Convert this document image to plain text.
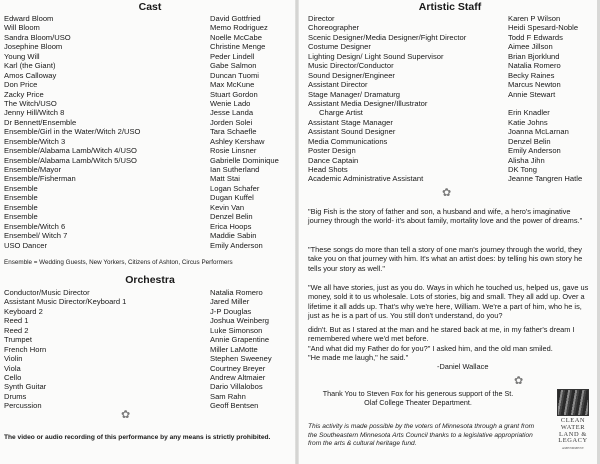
Cast
Edward Bloom
Will Bloom
Sandra Bloom/USO
Josephine Bloom
Young Will
Karl (the Giant)
Amos Calloway
Don Price
Zacky Price
The Witch/USO
Jenny Hill/Witch 8
Dr Bennett/Ensemble
Ensemble/Girl in the Water/Witch 2/USO
Ensemble/Witch 3
Ensemble/Alabama Lamb/Witch 4/USO
Ensemble/Alabama Lamb/Witch 5/USO
Ensemble/Mayor
Ensemble/Fisherman
Ensemble
Ensemble
Ensemble
Ensemble
Ensemble/Witch 6
Ensembel/ Witch 7
USO Dancer
David Gottfried
Memo Rodriguez
Noelle McCabe
Christine Menge
Peder Lindell
Gabe Salmon
Duncan Tuomi
Max McKune
Stuart Gordon
Wenie Lado
Jesse Landa
Jorden Solei
Tara Schaefle
Ashley Kershaw
Rosie Linsner
Gabrielle Dominique
Ian Sutherland
Matt Stai
Logan Schafer
Dugan Kuffel
Kevin Van
Denzel Belin
Erica Hoops
Maddie Sabin
Emily Anderson
Ensemble = Wedding Guests, New Yorkers, Citizens of Ashton, Circus Performers
Orchestra
Conductor/Music Director
Assistant Music Director/Keyboard 1
Keyboard 2
Reed 1
Reed 2
Trumpet
French Horn
Violin
Viola
Cello
Synth Guitar
Drums
Percussion
Natalia Romero
Jared Miller
J-P Douglas
Joshua Weinberg
Luke Simonson
Annie Grapentine
Miller LaMotte
Stephen Sweeney
Courtney Breyer
Andrew Altmaier
Dario Villalobos
Sam Rahn
Geoff Bentsen
✿
The video or audio recording of this performance by any means is strictly prohibited.
Artistic Staff
Director
Choreographer
Scenic Designer/Media Designer/Fight Director
Costume Designer
Lighting Design/ Light Sound Supervisor
Music Director/Conductor
Sound Designer/Engineer
Assistant Director
Stage Manager/ Dramaturg
Assistant Media Designer/Illustrator
Charge Artist
Assistant Stage Manager
Assistant Sound Designer
Media Communications
Poster Design
Dance Captain
Head Shots
Academic Administrative Assistant
Karen P Wilson
Heidi Spesard-Noble
Todd F Edwards
Aimee Jillson
Brian Bjorklund
Natalia Romero
Becky Raines
Marcus Newton
Annie Stewart
Erin Knadler
Katie Johns
Joanna McLarnan
Denzel Belin
Emily Anderson
Alisha Jihn
DK Tong
Jeanne Tangren Hatle
✿
"Big Fish is the story of father and son, a husband and wife, a hero's imaginative journey through the world- it's about family, mortality love and the power of dreams."
"These songs do more than tell a story of one man's journey through the world, they take you on that journey with him. It's what an artist does: by telling his own story he tells your story as well."
"We all have stories, just as you do. Ways in which he touched us, helped us, gave us money, sold it to us wholesale. Lots of stories, big and small. They all add up. Over a lifetime it all adds up. That's why we're here, William. We're a part of him, who he is, just as he is a part of us. You still don't understand, do you?
didn't. But as I stared at the man and he stared back at me, in my father's dream I remembered where we'd met before.
"And what did my Father do for you?" I asked him, and the old man smiled.
"He made me laugh," he said."
-Daniel Wallace
✿
Thank You to Steven Fox for his generous support of the St. Olaf College Theater Department.
This activity is made possible by the voters of Minnesota through a grant from the Southeastern Minnesota Arts Council thanks to a legislative appropriation from the arts & cultural heritage fund.
CLEAN
WATER
LAND &
LEGACY
AMENDMENT
